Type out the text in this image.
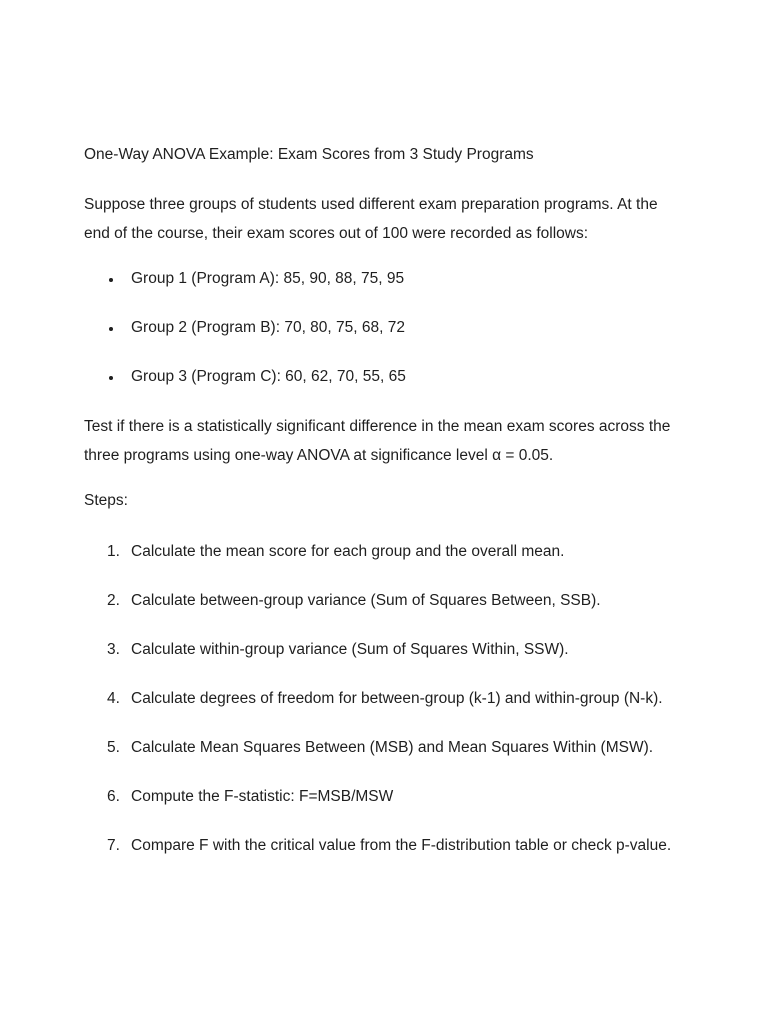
One-Way ANOVA Example: Exam Scores from 3 Study Programs

Suppose three groups of students used different exam preparation programs. At the end of the course, their exam scores out of 100 were recorded as follows:

Group 1 (Program A): 85, 90, 88, 75, 95
Group 2 (Program B): 70, 80, 75, 68, 72
Group 3 (Program C): 60, 62, 70, 55, 65

Test if there is a statistically significant difference in the mean exam scores across the three programs using one-way ANOVA at significance level α = 0.05.

Steps:

1. Calculate the mean score for each group and the overall mean.
2. Calculate between-group variance (Sum of Squares Between, SSB).
3. Calculate within-group variance (Sum of Squares Within, SSW).
4. Calculate degrees of freedom for between-group (k-1) and within-group (N-k).
5. Calculate Mean Squares Between (MSB) and Mean Squares Within (MSW).
6. Compute the F-statistic: F=MSB/MSW
7. Compare F with the critical value from the F-distribution table or check p-value.
